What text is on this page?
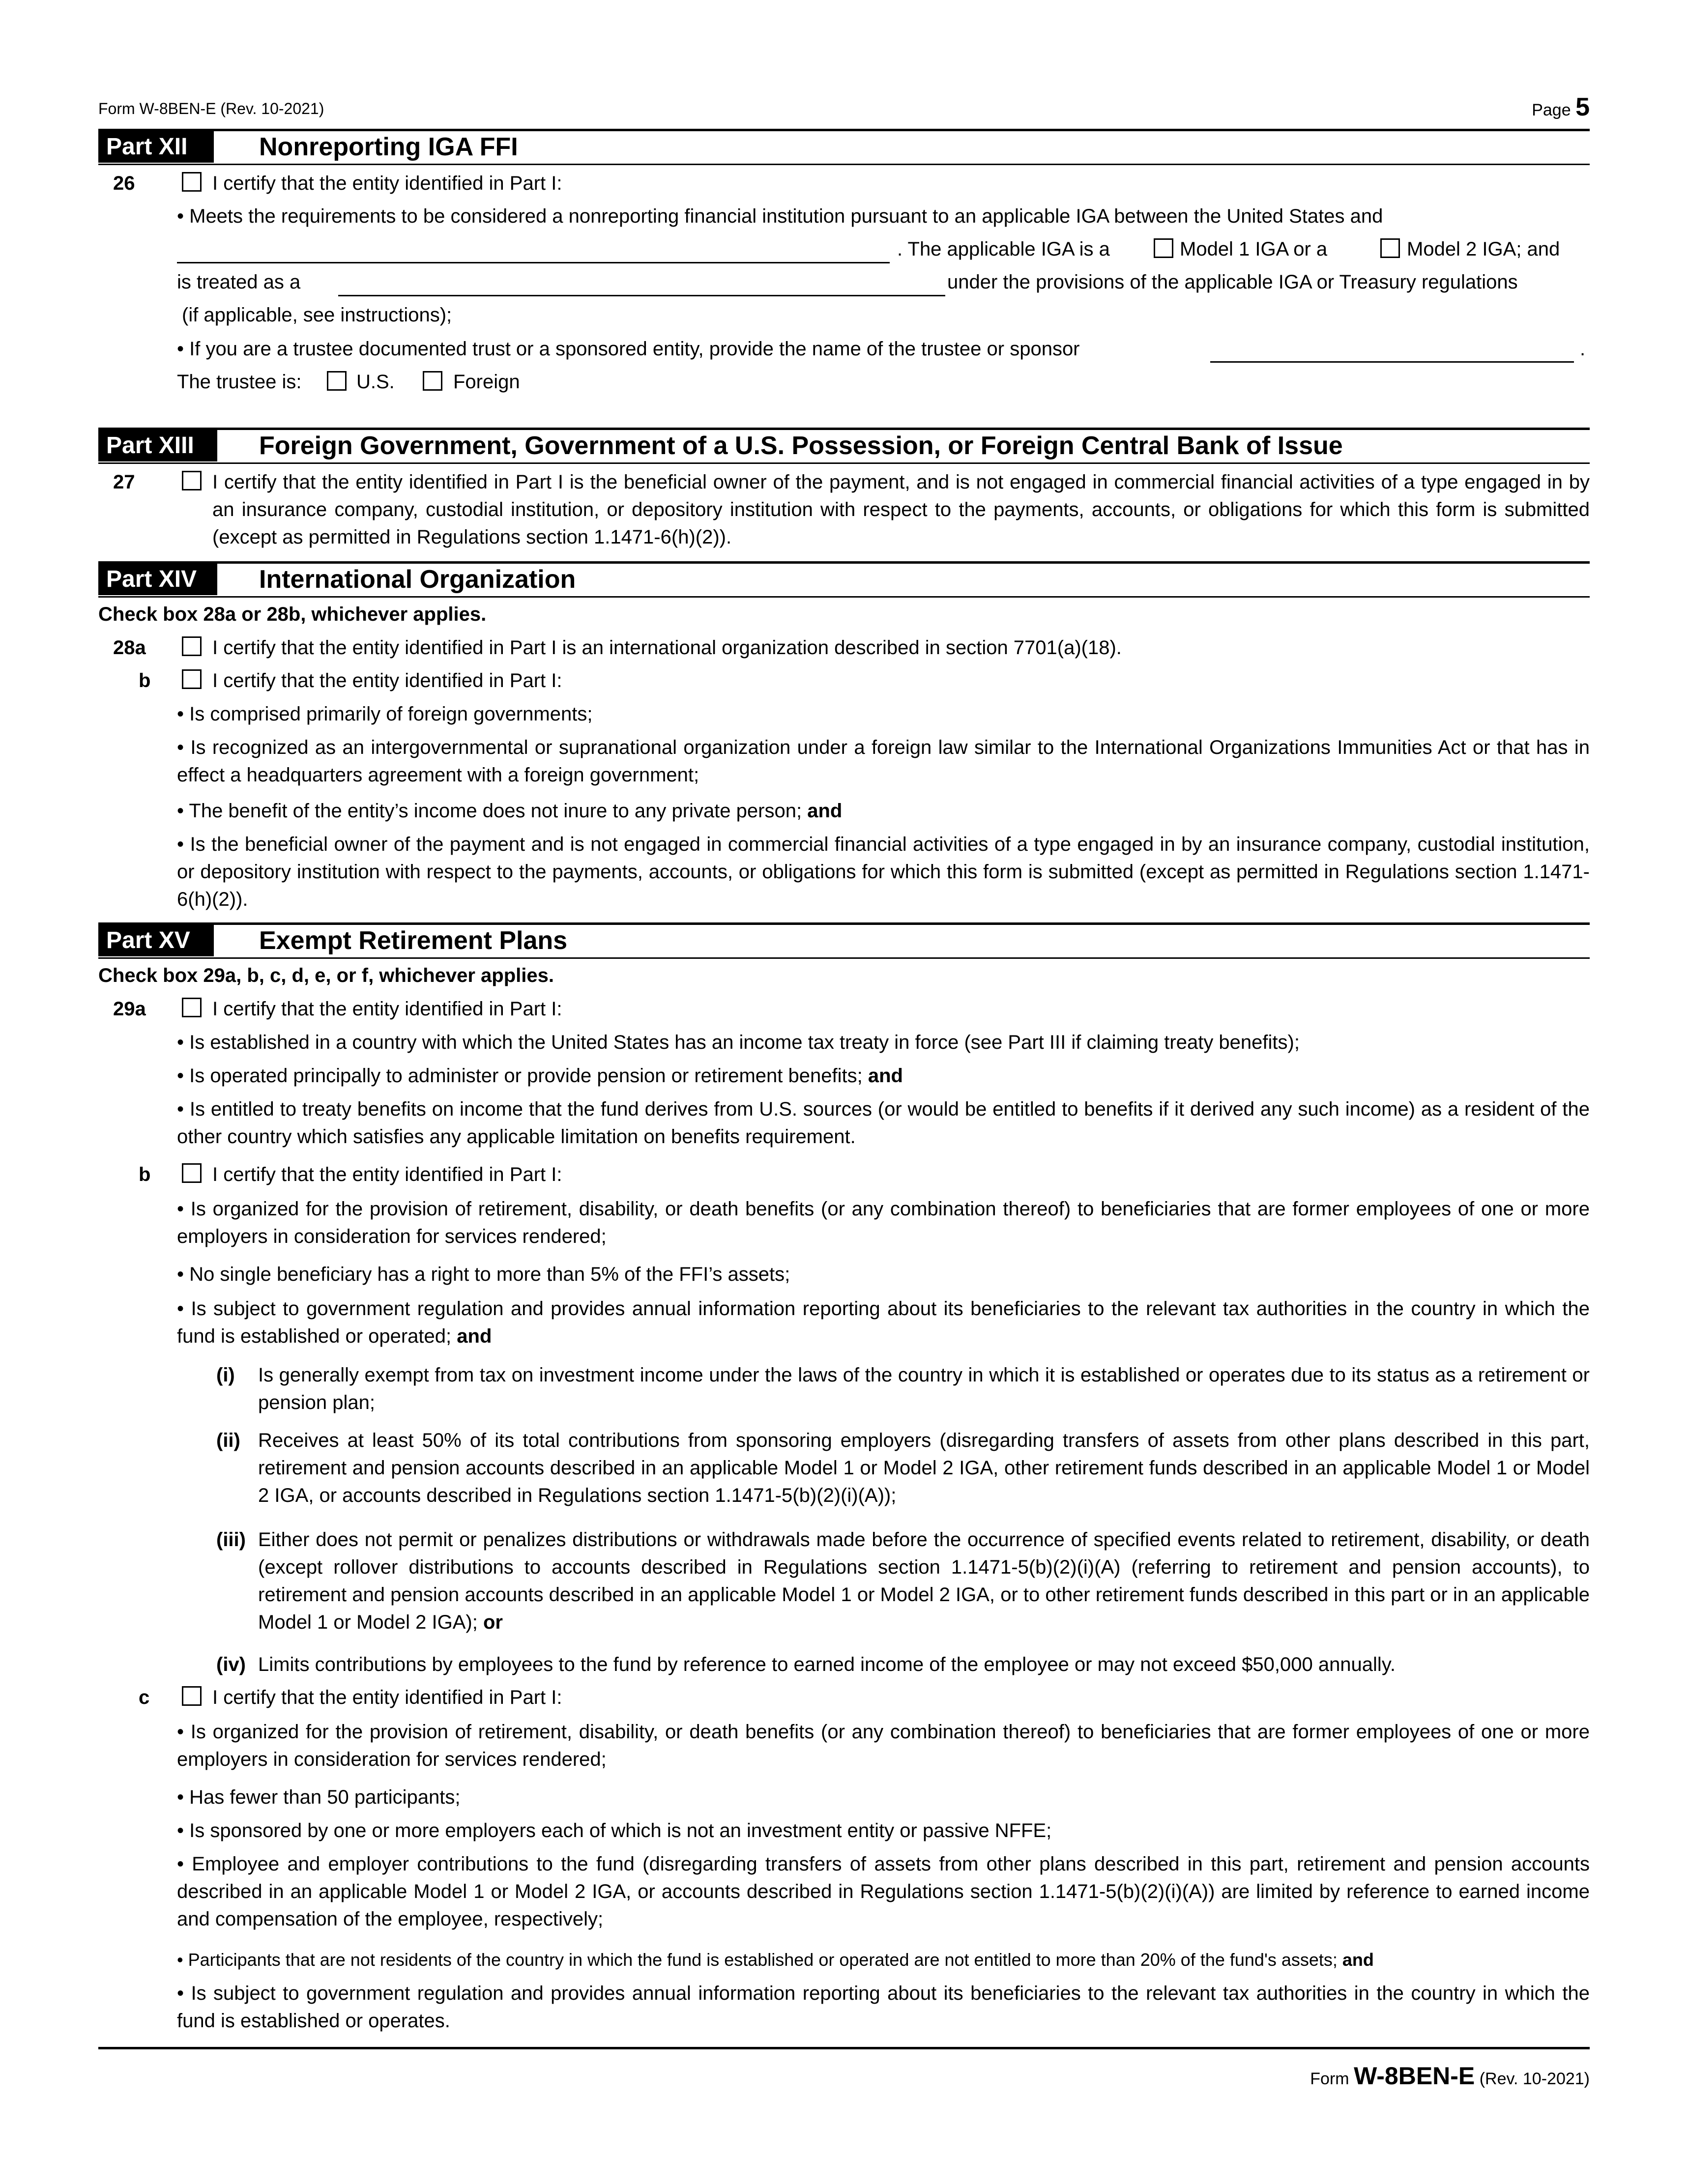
Form W-8BEN-E (Rev. 10-2021)	Page 5
Part XII	Nonreporting IGA FFI
26	I certify that the entity identified in Part I:
• Meets the requirements to be considered a nonreporting financial institution pursuant to an applicable IGA between the United States and
. The applicable IGA is a	Model 1 IGA or a	Model 2 IGA; and
is treated as a	under the provisions of the applicable IGA or Treasury regulations
(if applicable, see instructions);
• If you are a trustee documented trust or a sponsored entity, provide the name of the trustee or sponsor	.
The trustee is:	U.S.	Foreign
Part XIII	Foreign Government, Government of a U.S. Possession, or Foreign Central Bank of Issue
27	I certify that the entity identified in Part I is the beneficial owner of the payment, and is not engaged in commercial financial activities of a type engaged in by an insurance company, custodial institution, or depository institution with respect to the payments, accounts, or obligations for which this form is submitted (except as permitted in Regulations section 1.1471-6(h)(2)).
Part XIV	International Organization
Check box 28a or 28b, whichever applies.
28a	I certify that the entity identified in Part I is an international organization described in section 7701(a)(18).
b	I certify that the entity identified in Part I:
• Is comprised primarily of foreign governments;
• Is recognized as an intergovernmental or supranational organization under a foreign law similar to the International Organizations Immunities Act or that has in effect a headquarters agreement with a foreign government;
• The benefit of the entity’s income does not inure to any private person; and
• Is the beneficial owner of the payment and is not engaged in commercial financial activities of a type engaged in by an insurance company, custodial institution, or depository institution with respect to the payments, accounts, or obligations for which this form is submitted (except as permitted in Regulations section 1.1471-6(h)(2)).
Part XV	Exempt Retirement Plans
Check box 29a, b, c, d, e, or f, whichever applies.
29a	I certify that the entity identified in Part I:
• Is established in a country with which the United States has an income tax treaty in force (see Part III if claiming treaty benefits);
• Is operated principally to administer or provide pension or retirement benefits; and
• Is entitled to treaty benefits on income that the fund derives from U.S. sources (or would be entitled to benefits if it derived any such income) as a resident of the other country which satisfies any applicable limitation on benefits requirement.
b	I certify that the entity identified in Part I:
• Is organized for the provision of retirement, disability, or death benefits (or any combination thereof) to beneficiaries that are former employees of one or more employers in consideration for services rendered;
• No single beneficiary has a right to more than 5% of the FFI’s assets;
• Is subject to government regulation and provides annual information reporting about its beneficiaries to the relevant tax authorities in the country in which the fund is established or operated; and
(i) Is generally exempt from tax on investment income under the laws of the country in which it is established or operates due to its status as a retirement or pension plan;
(ii) Receives at least 50% of its total contributions from sponsoring employers (disregarding transfers of assets from other plans described in this part, retirement and pension accounts described in an applicable Model 1 or Model 2 IGA, other retirement funds described in an applicable Model 1 or Model 2 IGA, or accounts described in Regulations section 1.1471-5(b)(2)(i)(A));
(iii) Either does not permit or penalizes distributions or withdrawals made before the occurrence of specified events related to retirement, disability, or death (except rollover distributions to accounts described in Regulations section 1.1471-5(b)(2)(i)(A) (referring to retirement and pension accounts), to retirement and pension accounts described in an applicable Model 1 or Model 2 IGA, or to other retirement funds described in this part or in an applicable Model 1 or Model 2 IGA); or
(iv) Limits contributions by employees to the fund by reference to earned income of the employee or may not exceed $50,000 annually.
c	I certify that the entity identified in Part I:
• Is organized for the provision of retirement, disability, or death benefits (or any combination thereof) to beneficiaries that are former employees of one or more employers in consideration for services rendered;
• Has fewer than 50 participants;
• Is sponsored by one or more employers each of which is not an investment entity or passive NFFE;
• Employee and employer contributions to the fund (disregarding transfers of assets from other plans described in this part, retirement and pension accounts described in an applicable Model 1 or Model 2 IGA, or accounts described in Regulations section 1.1471-5(b)(2)(i)(A)) are limited by reference to earned income and compensation of the employee, respectively;
• Participants that are not residents of the country in which the fund is established or operated are not entitled to more than 20% of the fund's assets; and
• Is subject to government regulation and provides annual information reporting about its beneficiaries to the relevant tax authorities in the country in which the fund is established or operates.
Form W-8BEN-E (Rev. 10-2021)
